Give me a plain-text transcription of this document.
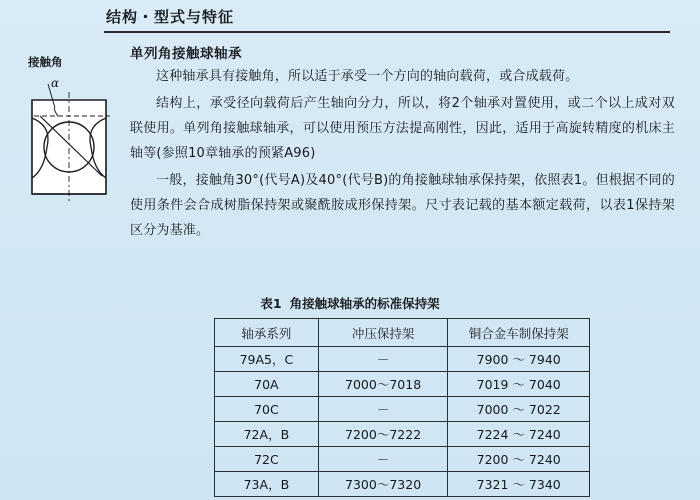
结构・型式与特征
单列角接触球轴承
接触角
α	这种轴承具有接触角，所以适于承受一个方向的轴向载荷，或合成载荷。

结构上，承受径向载荷后产生轴向分力，所以，将2个轴承对置使用，或二个以上成对双联使用。单列角接触球轴承，可以使用预压方法提高刚性，因此，适用于高旋转精度的机床主轴等(参照10章轴承的预紧A96)

一般，接触角30°(代号A)及40°(代号B)的角接触球轴承保持架，依照表1。但根据不同的使用条件会合成树脂保持架或聚酰胺成形保持架。尺寸表记载的基本额定载荷，以表1保持架区分为基准。

表1 角接触球轴承的标准保持架
轴承系列	冲压保持架	铜合金车制保持架
79A5，C	－	7900 ～ 7940
70A	7000～7018	7019 ～ 7040
70C	－	7000 ～ 7022
72A，B	7200～7222	7224 ～ 7240
72C	－	7200 ～ 7240
73A，B	7300～7320	7321 ～ 7340
